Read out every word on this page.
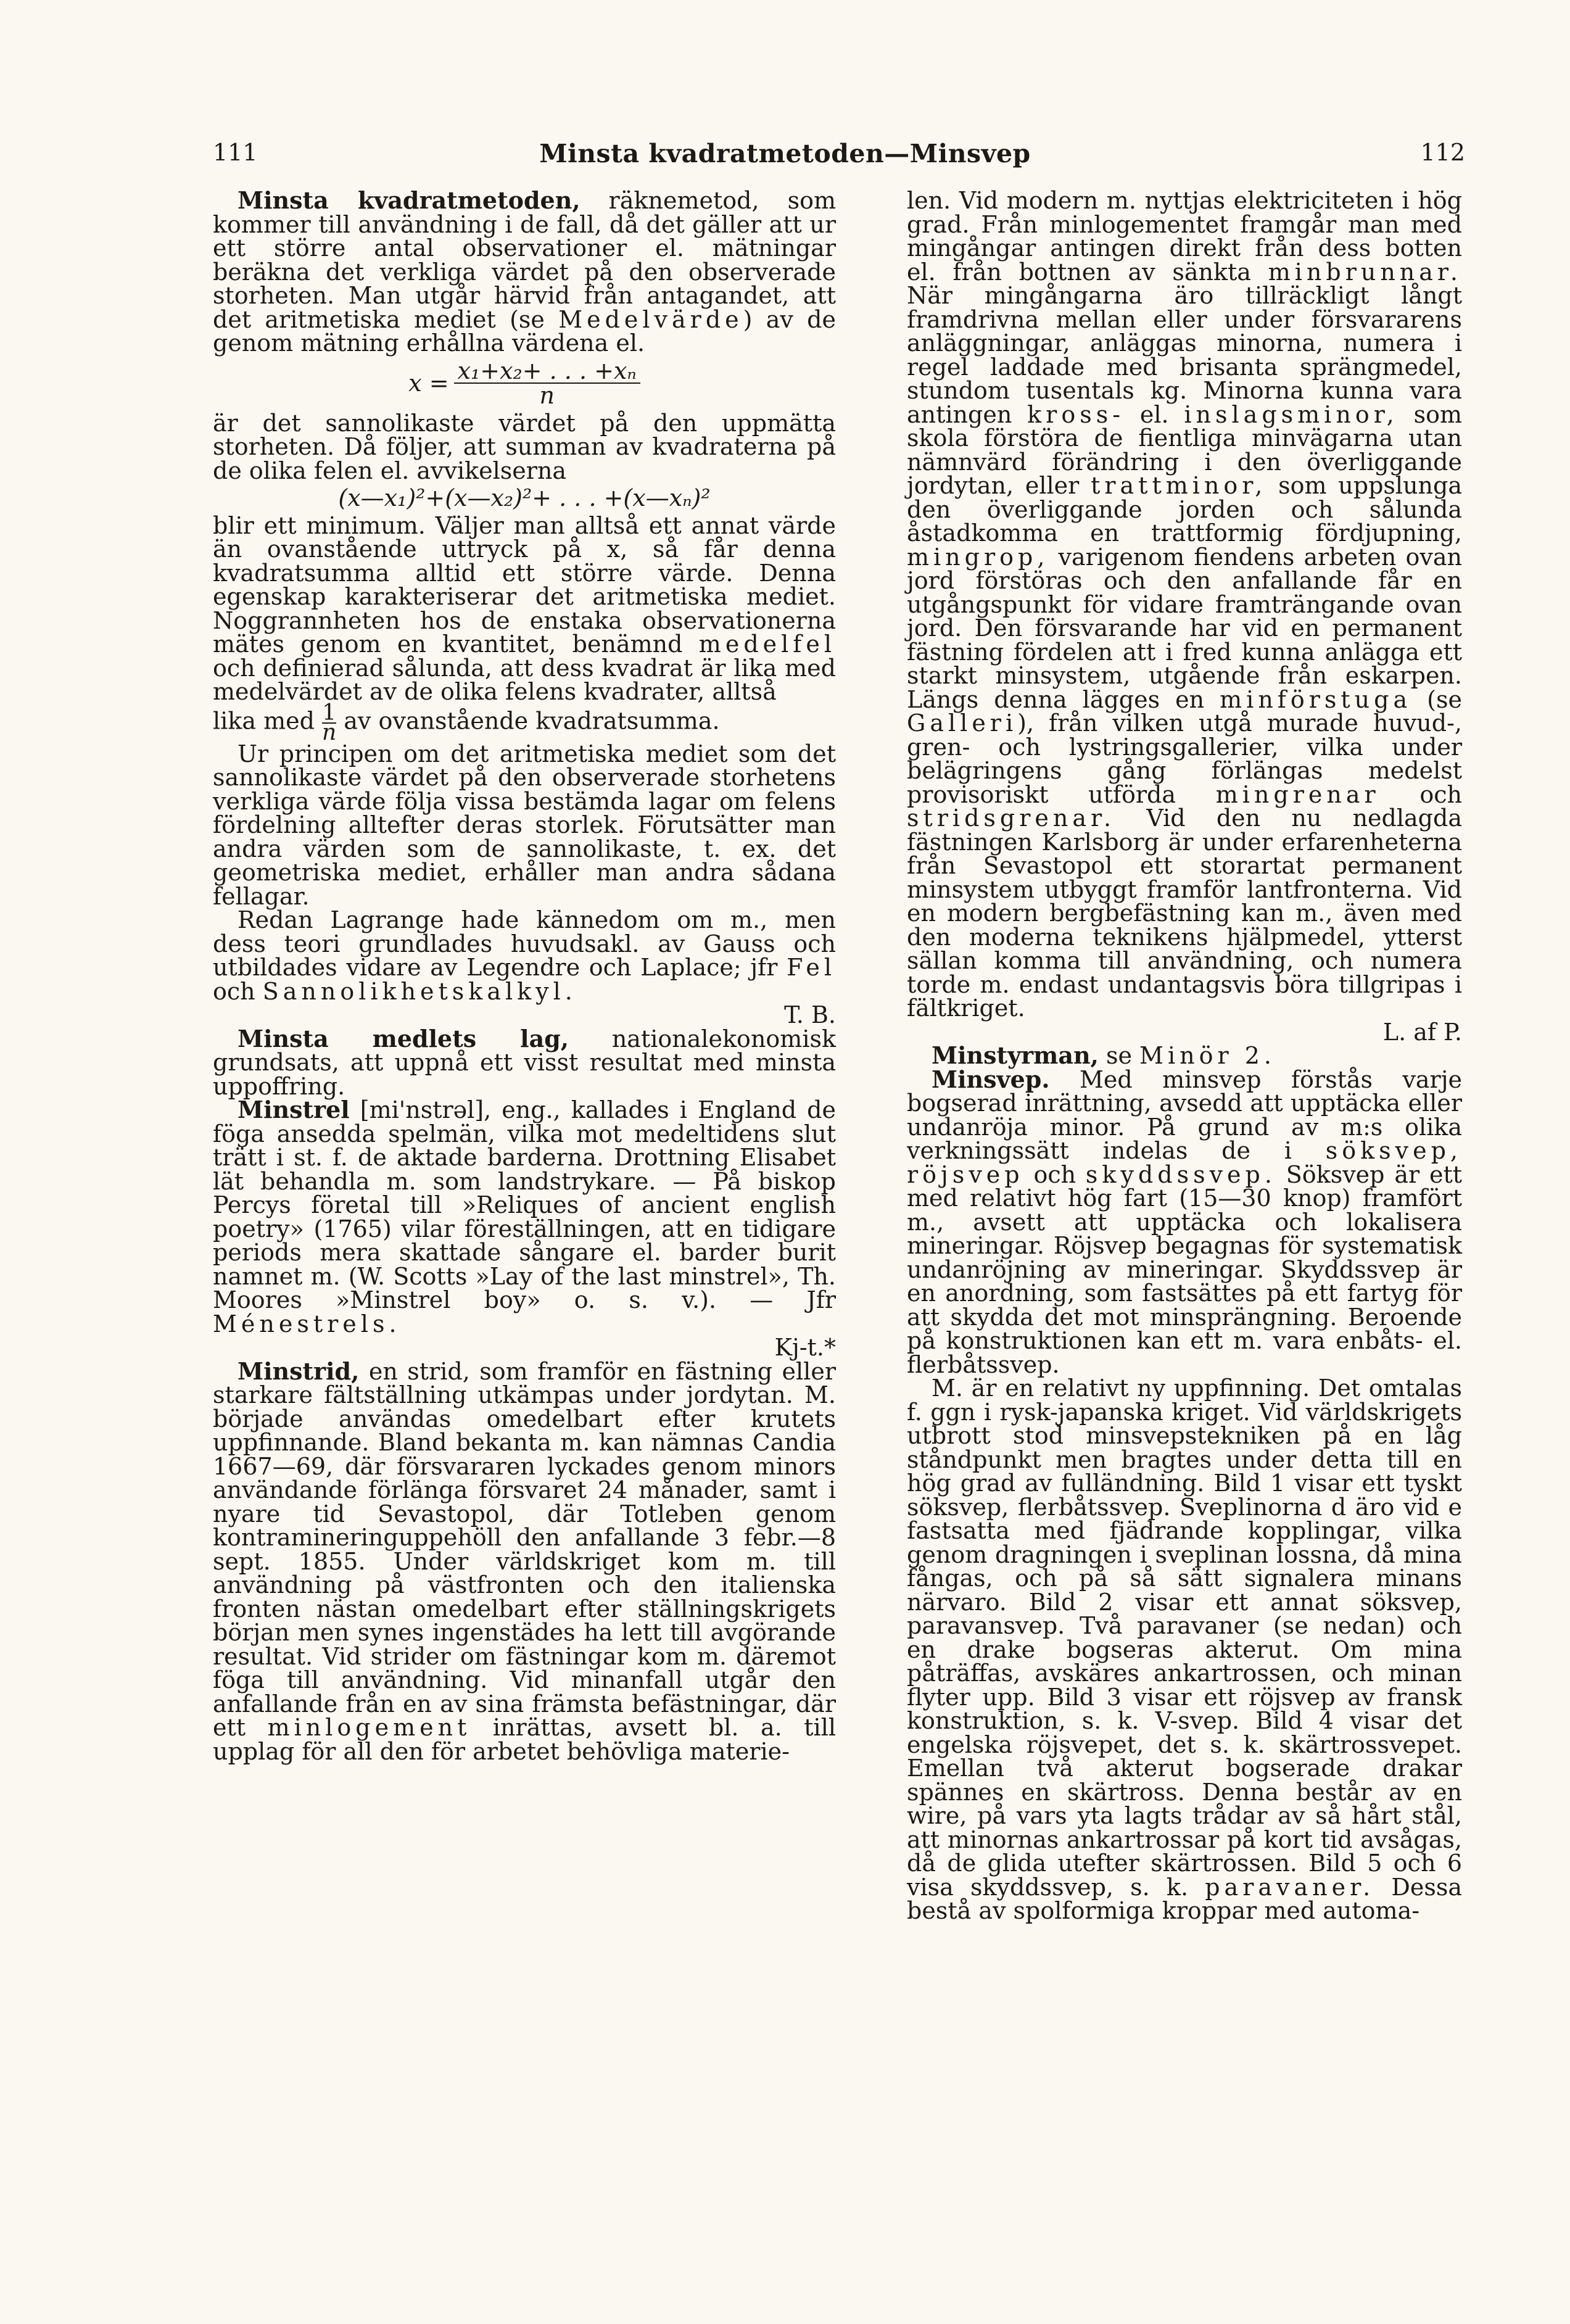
111	Minsta kvadratmetoden—Minsvep	112

Minsta kvadratmetoden, räknemetod, som kommer till användning i de fall, då det gäller att ur ett större antal observationer el. mätningar beräkna det verkliga värdet på den observerade storheten. Man utgår härvid från antagandet, att det aritmetiska mediet (se Medelvärde) av de genom mätning erhållna värdena el.

$x = \frac{\text{x₁+x₂+ . . . +xₙ}}{n}$

är det sannolikaste värdet på den uppmätta storheten. Då följer, att summan av kvadraterna på de olika felen el. avvikelserna

(x—x₁)²+(x—x₂)²+ . . . +(x—xₙ)²

blir ett minimum. Väljer man alltså ett annat värde än ovanstående uttryck på x, så får denna kvadratsumma alltid ett större värde. Denna egenskap karakteriserar det aritmetiska mediet. Noggrannheten hos de enstaka observationerna mätes genom en kvantitet, benämnd medelfel och definierad sålunda, att dess kvadrat är lika med medelvärdet av de olika felens kvadrater, alltså

lika med $\frac{1}{n}$ av ovanstående kvadratsumma.

Ur principen om det aritmetiska mediet som det sannolikaste värdet på den observerade storhetens verkliga värde följa vissa bestämda lagar om felens fördelning alltefter deras storlek. Förutsätter man andra värden som de sannolikaste, t. ex. det geometriska mediet, erhåller man andra sådana fellagar.

Redan Lagrange hade kännedom om m., men dess teori grundlades huvudsakl. av Gauss och utbildades vidare av Legendre och Laplace; jfr Fel och Sannolikhetskalkyl.
T. B.

Minsta medlets lag, nationalekonomisk grundsats, att uppnå ett visst resultat med minsta uppoffring.

Minstrel [mi'nstrəl], eng., kallades i England de föga ansedda spelmän, vilka mot medeltidens slut trätt i st. f. de aktade barderna. Drottning Elisabet lät behandla m. som landstrykare. — På biskop Percys företal till »Reliques of ancient english poetry» (1765) vilar föreställningen, att en tidigare periods mera skattade sångare el. barder burit namnet m. (W. Scotts »Lay of the last minstrel», Th. Moores »Minstrel boy» o. s. v.). — Jfr Ménestrels.
Kj-t.*

Minstrid, en strid, som framför en fästning eller starkare fältställning utkämpas under jordytan. M. började användas omedelbart efter krutets uppfinnande. Bland bekanta m. kan nämnas Candia 1667—69, där försvararen lyckades genom minors användande förlänga försvaret 24 månader, samt i nyare tid Sevastopol, där Totleben genom kontramineringuppehöll den anfallande 3 febr.—8 sept. 1855. Under världskriget kom m. till användning på västfronten och den italienska fronten nästan omedelbart efter ställningskrigets början men synes ingenstädes ha lett till avgörande resultat. Vid strider om fästningar kom m. däremot föga till användning. Vid minanfall utgår den anfallande från en av sina främsta befästningar, där ett minlogement inrättas, avsett bl. a. till upplag för all den för arbetet behövliga materie-

len. Vid modern m. nyttjas elektriciteten i hög grad. Från minlogementet framgår man med mingångar antingen direkt från dess botten el. från bottnen av sänkta minbrunnar. När mingångarna äro tillräckligt långt framdrivna mellan eller under försvararens anläggningar, anläggas minorna, numera i regel laddade med brisanta sprängmedel, stundom tusentals kg. Minorna kunna vara antingen kross- el. inslagsminor, som skola förstöra de fientliga minvägarna utan nämnvärd förändring i den överliggande jordytan, eller trattminor, som uppslunga den överliggande jorden och sålunda åstadkomma en trattformig fördjupning, mingrop, varigenom fiendens arbeten ovan jord förstöras och den anfallande får en utgångspunkt för vidare framträngande ovan jord. Den försvarande har vid en permanent fästning fördelen att i fred kunna anlägga ett starkt minsystem, utgående från eskarpen. Längs denna lägges en minförstuga (se Galleri), från vilken utgå murade huvud-, gren- och lystringsgallerier, vilka under belägringens gång förlängas medelst provisoriskt utförda mingrenar och stridsgrenar. Vid den nu nedlagda fästningen Karlsborg är under erfarenheterna från Sevastopol ett storartat permanent minsystem utbyggt framför lantfronterna. Vid en modern bergbefästning kan m., även med den moderna teknikens hjälpmedel, ytterst sällan komma till användning, och numera torde m. endast undantagsvis böra tillgripas i fältkriget.
L. af P.

Minstyrman, se Minör 2.

Minsvep. Med minsvep förstås varje bogserad inrättning, avsedd att upptäcka eller undanröja minor. På grund av m:s olika verkningssätt indelas de i söksvep, röjsvep och skyddssvep. Söksvep är ett med relativt hög fart (15—30 knop) framfört m., avsett att upptäcka och lokalisera mineringar. Röjsvep begagnas för systematisk undanröjning av mineringar. Skyddssvep är en anordning, som fastsättes på ett fartyg för att skydda det mot minsprängning. Beroende på konstruktionen kan ett m. vara enbåts- el. flerbåtssvep.

M. är en relativt ny uppfinning. Det omtalas f. ggn i rysk-japanska kriget. Vid världskrigets utbrott stod minsvepstekniken på en låg ståndpunkt men bragtes under detta till en hög grad av fulländning. Bild 1 visar ett tyskt söksvep, flerbåtssvep. Sveplinorna d äro vid e fastsatta med fjädrande kopplingar, vilka genom dragningen i sveplinan lossna, då mina fångas, och på så sätt signalera minans närvaro. Bild 2 visar ett annat söksvep, paravansvep. Två paravaner (se nedan) och en drake bogseras akterut. Om mina påträffas, avskäres ankartrossen, och minan flyter upp. Bild 3 visar ett röjsvep av fransk konstruktion, s. k. V-svep. Bild 4 visar det engelska röjsvepet, det s. k. skärtrossvepet. Emellan två akterut bogserade drakar spännes en skärtross. Denna består av en wire, på vars yta lagts trådar av så hårt stål, att minornas ankartrossar på kort tid avsågas, då de glida utefter skärtrossen. Bild 5 och 6 visa skyddssvep, s. k. paravaner. Dessa bestå av spolformiga kroppar med automa-
